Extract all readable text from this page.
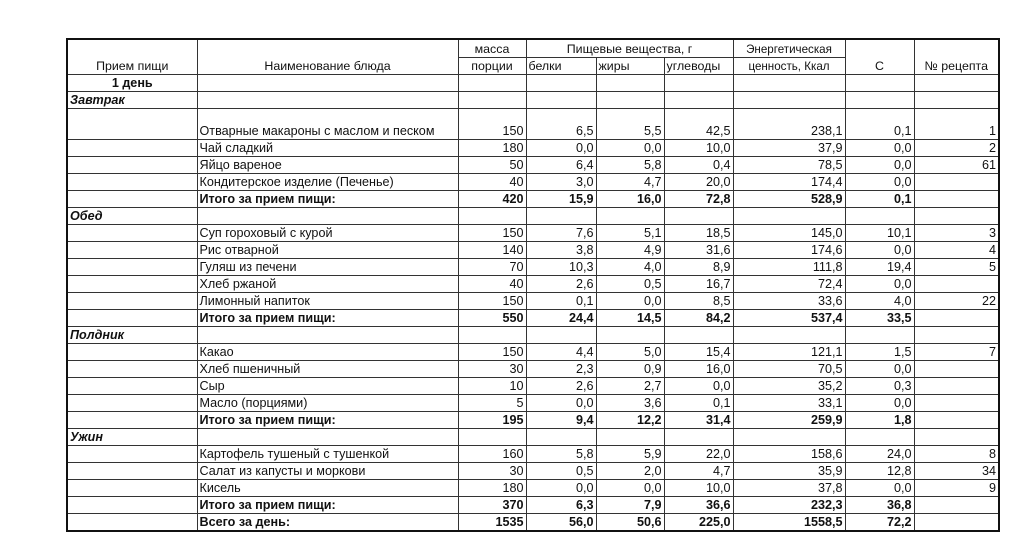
Прием пищи	Наименование блюда	масса	Пищевые вещества, г			Энергетическая	С	№ рецепта
		порции	белки	жиры	углеводы	ценность, Ккал		
1 день								
Завтрак								
	Отварные макароны с маслом и песком	150	6,5	5,5	42,5	238,1	0,1	1
	Чай сладкий	180	0,0	0,0	10,0	37,9	0,0	2
	Яйцо вареное	50	6,4	5,8	0,4	78,5	0,0	61
	Кондитерское изделие (Печенье)	40	3,0	4,7	20,0	174,4	0,0	
	Итого за прием пищи:	420	15,9	16,0	72,8	528,9	0,1	
Обед								
	Суп гороховый с курой	150	7,6	5,1	18,5	145,0	10,1	3
	Рис отварной	140	3,8	4,9	31,6	174,6	0,0	4
	Гуляш из печени	70	10,3	4,0	8,9	111,8	19,4	5
	Хлеб ржаной	40	2,6	0,5	16,7	72,4	0,0	
	Лимонный напиток	150	0,1	0,0	8,5	33,6	4,0	22
	Итого за прием пищи:	550	24,4	14,5	84,2	537,4	33,5	
Полдник								
	Какао	150	4,4	5,0	15,4	121,1	1,5	7
	Хлеб пшеничный	30	2,3	0,9	16,0	70,5	0,0	
	Сыр	10	2,6	2,7	0,0	35,2	0,3	
	Масло (порциями)	5	0,0	3,6	0,1	33,1	0,0	
	Итого за прием пищи:	195	9,4	12,2	31,4	259,9	1,8	
Ужин								
	Картофель тушеный с тушенкой	160	5,8	5,9	22,0	158,6	24,0	8
	Салат из капусты и моркови	30	0,5	2,0	4,7	35,9	12,8	34
	Кисель	180	0,0	0,0	10,0	37,8	0,0	9
	Итого за прием пищи:	370	6,3	7,9	36,6	232,3	36,8	
	Всего за день:	1535	56,0	50,6	225,0	1558,5	72,2	
